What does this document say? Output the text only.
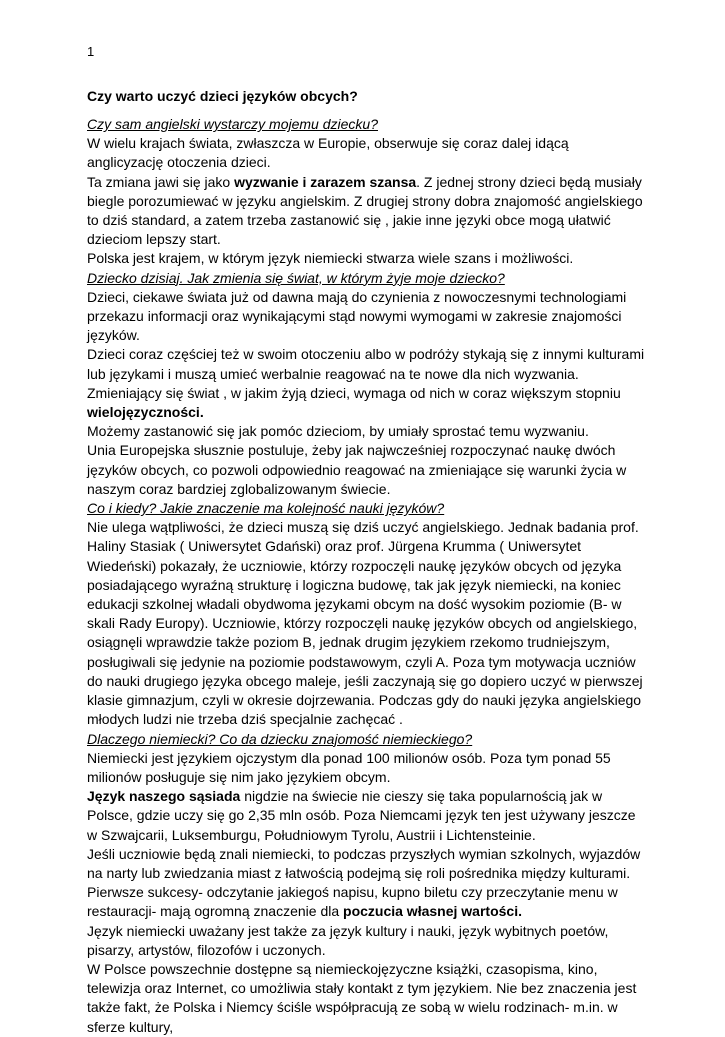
1
Czy warto uczyć dzieci języków obcych?

Czy sam angielski wystarczy mojemu dziecku?

W wielu krajach świata, zwłaszcza w Europie, obserwuje się coraz dalej idącą anglicyzację otoczenia dzieci.

Ta zmiana jawi się jako wyzwanie i zarazem szansa. Z jednej strony dzieci będą musiały biegle porozumiewać w języku angielskim. Z drugiej strony dobra znajomość angielskiego to dziś standard, a zatem trzeba zastanowić się , jakie inne języki obce mogą ułatwić dzieciom lepszy start.

Polska jest krajem, w którym język niemiecki stwarza wiele szans i możliwości.

Dziecko dzisiaj. Jak zmienia się świat, w którym żyje moje dziecko?

Dzieci, ciekawe świata już od dawna mają do czynienia z nowoczesnymi technologiami przekazu informacji oraz wynikającymi stąd nowymi wymogami w zakresie znajomości języków.

Dzieci coraz częściej też w swoim otoczeniu albo w podróży stykają się z innymi kulturami lub językami i muszą umieć werbalnie reagować na te nowe dla nich wyzwania. Zmieniający się świat , w jakim żyją dzieci, wymaga od nich w coraz większym stopniu wielojęzyczności.

Możemy zastanowić się jak pomóc dzieciom, by umiały sprostać temu wyzwaniu.

Unia Europejska słusznie postuluje, żeby jak najwcześniej rozpoczynać naukę dwóch języków obcych, co pozwoli odpowiednio reagować na zmieniające się warunki życia w naszym coraz bardziej zglobalizowanym świecie.

Co i kiedy? Jakie znaczenie ma kolejność nauki języków?

Nie ulega wątpliwości, że dzieci muszą się dziś uczyć angielskiego. Jednak badania prof. Haliny Stasiak ( Uniwersytet Gdański) oraz prof. Jürgena Krumma ( Uniwersytet Wiedeński) pokazały, że uczniowie, którzy rozpoczęli naukę języków obcych od języka posiadającego wyraźną strukturę i logiczna budowę, tak jak język niemiecki, na koniec edukacji szkolnej władali obydwoma językami obcym na dość wysokim poziomie (B- w skali Rady Europy). Uczniowie, którzy rozpoczęli naukę języków obcych od angielskiego, osiągnęli wprawdzie także poziom B, jednak drugim językiem rzekomo trudniejszym, posługiwali się jedynie na poziomie podstawowym, czyli A. Poza tym motywacja uczniów do nauki drugiego języka obcego maleje, jeśli zaczynają się go dopiero uczyć w pierwszej klasie gimnazjum, czyli w okresie dojrzewania. Podczas gdy do nauki języka angielskiego młodych ludzi nie trzeba dziś specjalnie zachęcać .

Dlaczego niemiecki? Co da dziecku znajomość niemieckiego?

Niemiecki jest językiem ojczystym dla ponad 100 milionów osób. Poza tym ponad 55 milionów posługuje się nim jako językiem obcym.

Język naszego sąsiada nigdzie na świecie nie cieszy się taka popularnością jak w Polsce, gdzie uczy się go 2,35 mln osób. Poza Niemcami język ten jest używany jeszcze w Szwajcarii, Luksemburgu, Południowym Tyrolu, Austrii i Lichtensteinie.

Jeśli uczniowie będą znali niemiecki, to podczas przyszłych wymian szkolnych, wyjazdów na narty lub zwiedzania miast z łatwością podejmą się roli pośrednika między kulturami.

Pierwsze sukcesy- odczytanie jakiegoś napisu, kupno biletu czy przeczytanie menu w restauracji- mają ogromną znaczenie dla poczucia własnej wartości.

Język niemiecki uważany jest także za język kultury i nauki, język wybitnych poetów, pisarzy, artystów, filozofów i uczonych.

W Polsce powszechnie dostępne są niemieckojęzyczne książki, czasopisma, kino, telewizja oraz Internet, co umożliwia stały kontakt z tym językiem. Nie bez znaczenia jest także fakt, że Polska i Niemcy ściśle współpracują ze sobą w wielu rodzinach- m.in. w sferze kultury,
